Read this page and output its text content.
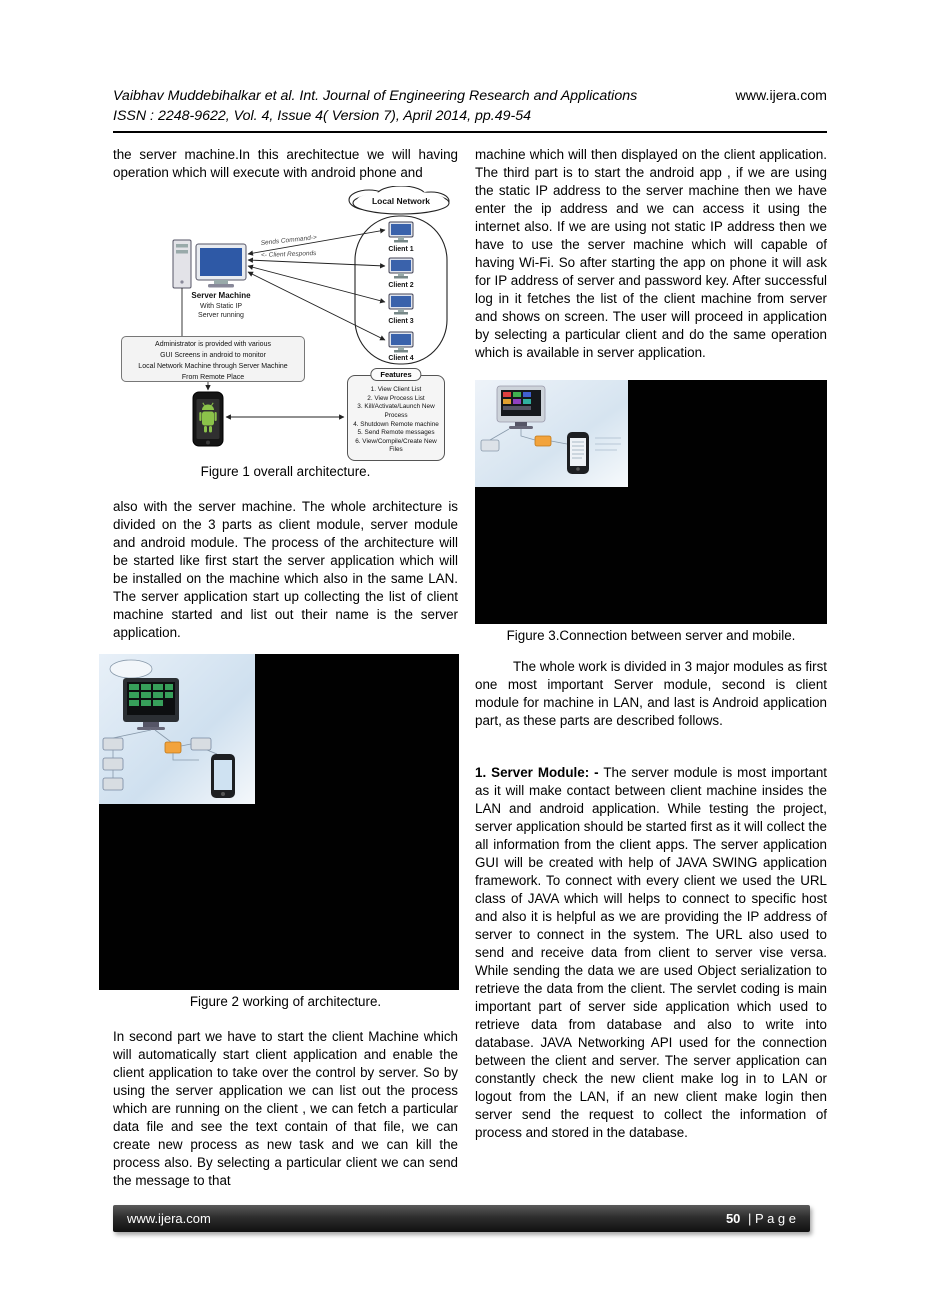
Vaibhav Muddebihalkar et al. Int. Journal of Engineering Research and Applications	www.ijera.com
ISSN : 2248-9622, Vol. 4, Issue 4( Version 7), April 2014, pp.49-54

the server machine.In this arechitectue we will having operation which will execute with android phone and

Local Network
Sends Command->
<- Client Responds
Client 1
Client 2
Client 3
Client 4
Server Machine
With Static IP
Server running
Administrator is provided with various
GUI Screens in android to monitor
Local Network Machine through Server Machine
From Remote Place	Features
1. View Client List
2. View Process List
3. Kill/Activate/Launch New Process
4. Shutdown Remote machine
5. Send Remote messages
6. View/Compile/Create New Files
Figure 1 overall architecture.

also with the server machine. The whole architecture is divided on the 3 parts as client module, server module and android module. The process of the architecture will be started like first start the server application which will be installed on the machine which also in the same LAN. The server application start up collecting the list of client machine started and list out their name is the server application.

Figure 2 working of architecture.

In second part we have to start the client Machine which will automatically start client application and enable the client application to take over the control by server. So by using the server application we can list out the process which are running on the client , we can fetch a particular data file and see the text contain of that file, we can create new process as new task and we can kill the process also. By selecting a particular client we can send the message to that

machine which will then displayed on the client application. The third part is to start the android app , if we are using the static IP address to the server machine then we have enter the ip address and we can access it using the internet also. If we are using not static IP address then we have to use the server machine which will capable of having Wi-Fi. So after starting the app on phone it will ask for IP address of server and password key. After successful log in it fetches the list of the client machine from server and shows on screen. The user will proceed in application by selecting a particular client and do the same operation which is available in server application.

Figure 3.Connection between server and mobile.

The whole work is divided in 3 major modules as first one most important Server module, second is client module for machine in LAN, and last is Android application part, as these parts are described follows.

1. Server Module: - The server module is most important as it will make contact between client machine insides the LAN and android application. While testing the project, server application should be started first as it will collect the all information from the client apps. The server application GUI will be created with help of JAVA SWING application framework. To connect with every client we used the URL class of JAVA which will helps to connect to specific host and also it is helpful as we are providing the IP address of server to connect in the system. The URL also used to send and receive data from client to server vise versa. While sending the data we are used Object serialization to retrieve the data from the client. The servlet coding is main important part of server side application which used to retrieve data from database and also to write into database. JAVA Networking API used for the connection between the client and server. The server application can constantly check the new client make log in to LAN or logout from the LAN, if an new client make login then server send the request to collect the information of process and stored in the database.

www.ijera.com	50 | P a g e
